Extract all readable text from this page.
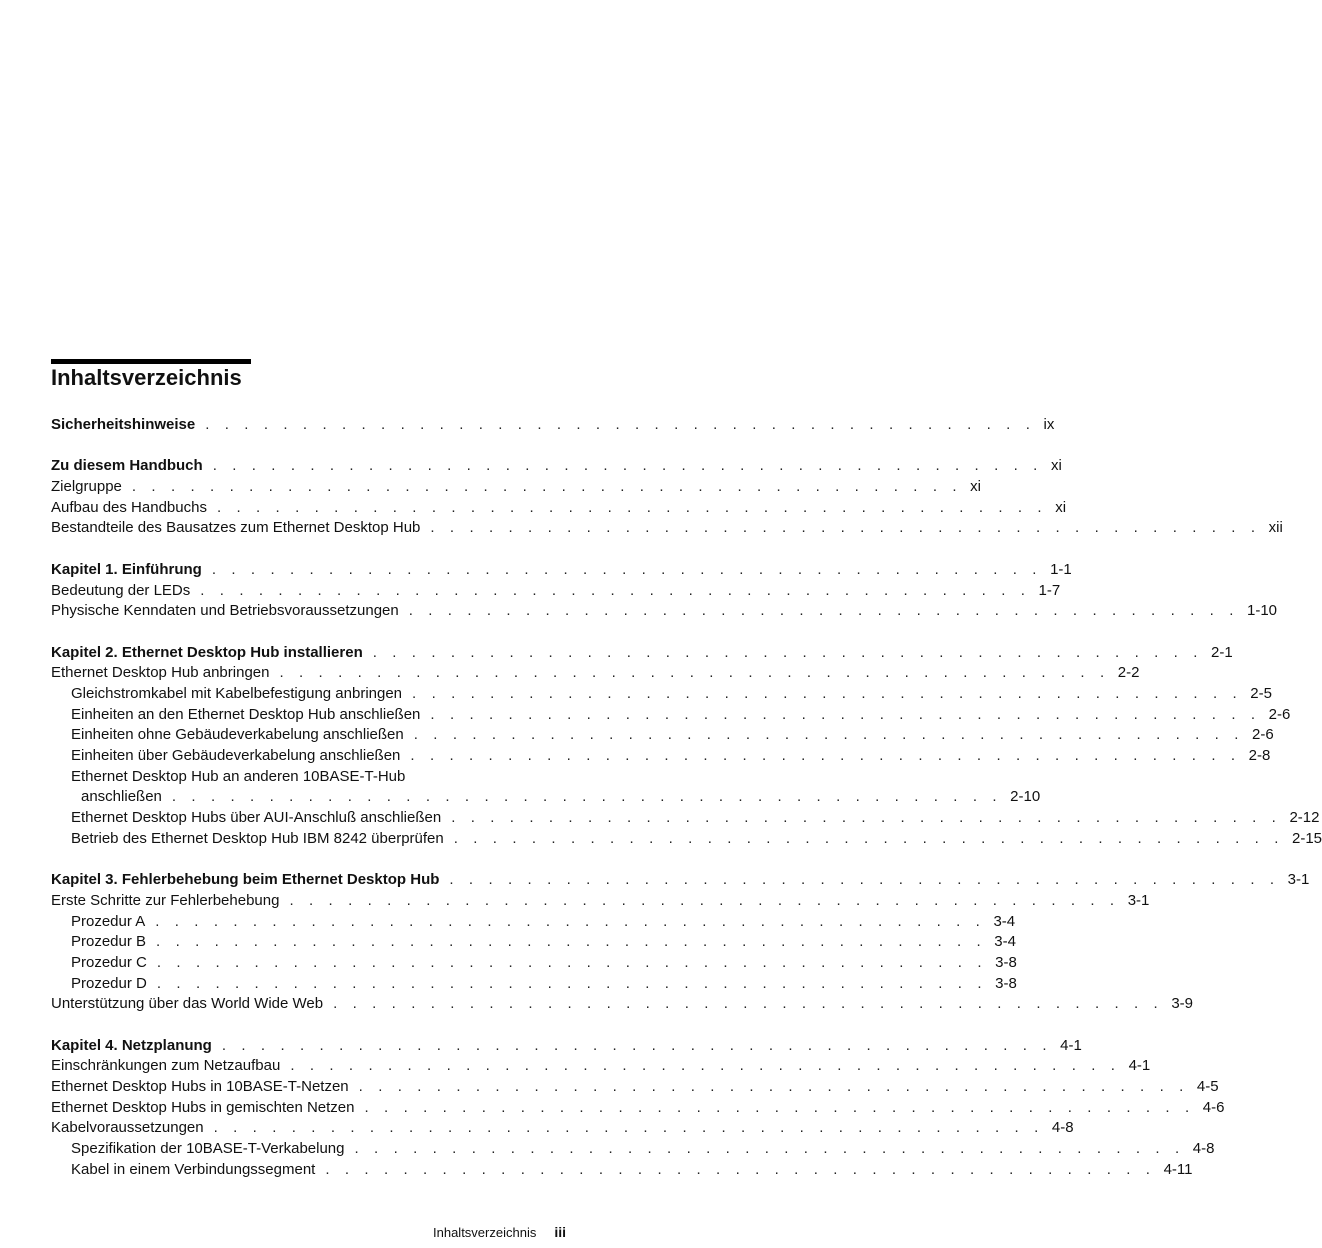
Inhaltsverzeichnis
Sicherheitshinweise . . . . . . . . . . . . . . . . . . . . . . . . . . . . . . . . . . . . . . . . . . . ix
Zu diesem Handbuch . . . . . . . . . . . . . . . . . . . . . . . . . . . . . . . . . . . . . . . . . . . xi
Zielgruppe . . . . . . . . . . . . . . . . . . . . . . . . . . . . . . . . . . . . . . . . . . . xi
Aufbau des Handbuchs . . . . . . . . . . . . . . . . . . . . . . . . . . . . . . . . . . . . . . . . . . . xi
Bestandteile des Bausatzes zum Ethernet Desktop Hub . . . . . . . . . . . . . . . . . . . . . . . . . . . . . . . . . . . . . . . . . . . xii
Kapitel 1. Einführung . . . . . . . . . . . . . . . . . . . . . . . . . . . . . . . . . . . . . . . . . . . 1-1
Bedeutung der LEDs . . . . . . . . . . . . . . . . . . . . . . . . . . . . . . . . . . . . . . . . . . . 1-7
Physische Kenndaten und Betriebsvoraussetzungen . . . . . . . . . . . . . . . . . . . . . . . . . . . . . . . . . . . . . . . . . . . 1-10
Kapitel 2. Ethernet Desktop Hub installieren . . . . . . . . . . . . . . . . . . . . . . . . . . . . . . . . . . . . . . . . . . . 2-1
Ethernet Desktop Hub anbringen . . . . . . . . . . . . . . . . . . . . . . . . . . . . . . . . . . . . . . . . . . . 2-2
Gleichstromkabel mit Kabelbefestigung anbringen . . . . . . . . . . . . . . . . . . . . . . . . . . . . . . . . . . . . . . . . . . . 2-5
Einheiten an den Ethernet Desktop Hub anschließen . . . . . . . . . . . . . . . . . . . . . . . . . . . . . . . . . . . . . . . . . . . 2-6
Einheiten ohne Gebäudeverkabelung anschließen . . . . . . . . . . . . . . . . . . . . . . . . . . . . . . . . . . . . . . . . . . . 2-6
Einheiten über Gebäudeverkabelung anschließen . . . . . . . . . . . . . . . . . . . . . . . . . . . . . . . . . . . . . . . . . . . 2-8
Ethernet Desktop Hub an anderen 10BASE-T-Hub
anschließen . . . . . . . . . . . . . . . . . . . . . . . . . . . . . . . . . . . . . . . . . . . 2-10
Ethernet Desktop Hubs über AUI-Anschluß anschließen . . . . . . . . . . . . . . . . . . . . . . . . . . . . . . . . . . . . . . . . . . . 2-12
Betrieb des Ethernet Desktop Hub IBM 8242 überprüfen . . . . . . . . . . . . . . . . . . . . . . . . . . . . . . . . . . . . . . . . . . . 2-15
Kapitel 3. Fehlerbehebung beim Ethernet Desktop Hub . . . . . . . . . . . . . . . . . . . . . . . . . . . . . . . . . . . . . . . . . . . 3-1
Erste Schritte zur Fehlerbehebung . . . . . . . . . . . . . . . . . . . . . . . . . . . . . . . . . . . . . . . . . . . 3-1
Prozedur A . . . . . . . . . . . . . . . . . . . . . . . . . . . . . . . . . . . . . . . . . . . 3-4
Prozedur B . . . . . . . . . . . . . . . . . . . . . . . . . . . . . . . . . . . . . . . . . . . 3-4
Prozedur C . . . . . . . . . . . . . . . . . . . . . . . . . . . . . . . . . . . . . . . . . . . 3-8
Prozedur D . . . . . . . . . . . . . . . . . . . . . . . . . . . . . . . . . . . . . . . . . . . 3-8
Unterstützung über das World Wide Web . . . . . . . . . . . . . . . . . . . . . . . . . . . . . . . . . . . . . . . . . . . 3-9
Kapitel 4. Netzplanung . . . . . . . . . . . . . . . . . . . . . . . . . . . . . . . . . . . . . . . . . . . 4-1
Einschränkungen zum Netzaufbau . . . . . . . . . . . . . . . . . . . . . . . . . . . . . . . . . . . . . . . . . . . 4-1
Ethernet Desktop Hubs in 10BASE-T-Netzen . . . . . . . . . . . . . . . . . . . . . . . . . . . . . . . . . . . . . . . . . . . 4-5
Ethernet Desktop Hubs in gemischten Netzen . . . . . . . . . . . . . . . . . . . . . . . . . . . . . . . . . . . . . . . . . . . 4-6
Kabelvoraussetzungen . . . . . . . . . . . . . . . . . . . . . . . . . . . . . . . . . . . . . . . . . . . 4-8
Spezifikation der 10BASE-T-Verkabelung . . . . . . . . . . . . . . . . . . . . . . . . . . . . . . . . . . . . . . . . . . . 4-8
Kabel in einem Verbindungssegment . . . . . . . . . . . . . . . . . . . . . . . . . . . . . . . . . . . . . . . . . . . 4-11
Inhaltsverzeichnis iii
